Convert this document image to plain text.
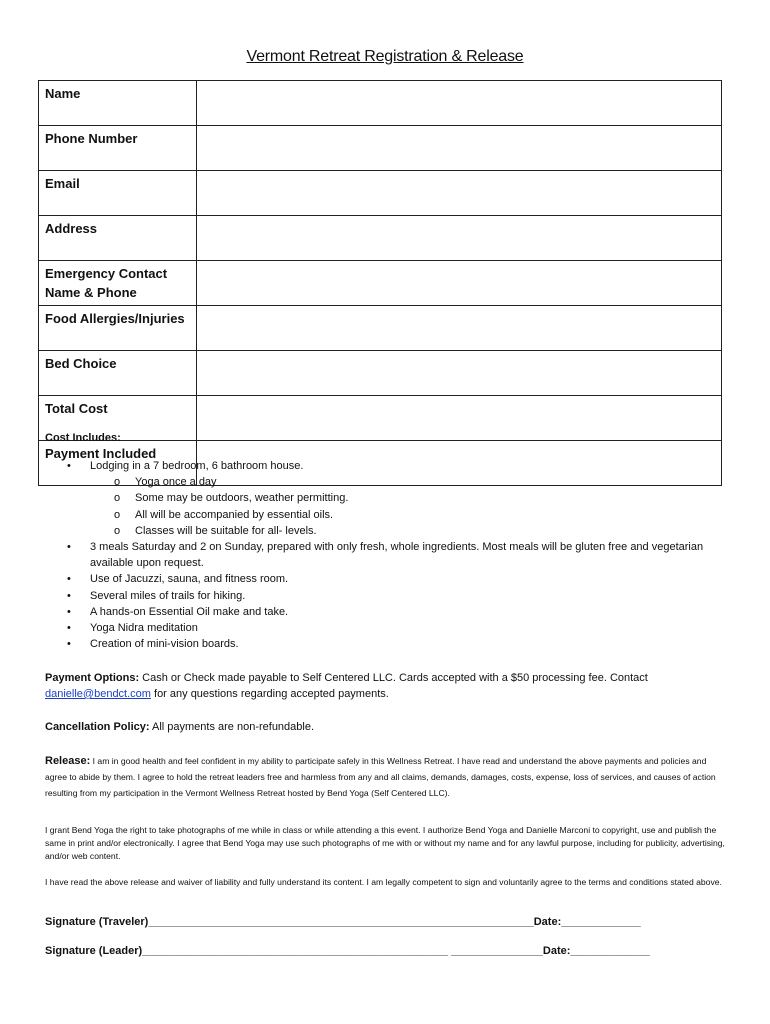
Vermont Retreat Registration & Release
Name	
Phone Number	
Email	
Address	
Emergency Contact Name & Phone	
Food Allergies/Injuries	
Bed Choice	
Total Cost	
Payment Included	
Cost Includes:
• Lodging in a 7 bedroom, 6 bathroom house.
o Yoga once a day
o Some may be outdoors, weather permitting.
o All will be accompanied by essential oils.
o Classes will be suitable for all- levels.
• 3 meals Saturday and 2 on Sunday, prepared with only fresh, whole ingredients. Most meals will be gluten free and vegetarian available upon request.
• Use of Jacuzzi, sauna, and fitness room.
• Several miles of trails for hiking.
• A hands-on Essential Oil make and take.
• Yoga Nidra meditation
• Creation of mini-vision boards.
Payment Options: Cash or Check made payable to Self Centered LLC. Cards accepted with a $50 processing fee. Contact danielle@bendct.com for any questions regarding accepted payments.
Cancellation Policy: All payments are non-refundable.
Release: I am in good health and feel confident in my ability to participate safely in this Wellness Retreat. I have read and understand the above payments and policies and agree to abide by them. I agree to hold the retreat leaders free and harmless from any and all claims, demands, damages, costs, expense, loss of services, and causes of action resulting from my participation in the Vermont Wellness Retreat hosted by Bend Yoga (Self Centered LLC).
I grant Bend Yoga the right to take photographs of me while in class or while attending a this event. I authorize Bend Yoga and Danielle Marconi to copyright, use and publish the same in print and/or electronically. I agree that Bend Yoga may use such photographs of me with or without my name and for any lawful purpose, including for publicity, advertising, and/or web content.
I have read the above release and waiver of liability and fully understand its content. I am legally competent to sign and voluntarily agree to the terms and conditions stated above.
Signature (Traveler)_______________________________________________________________Date:_____________
Signature (Leader)__________________________________________________ _______________Date:_____________
